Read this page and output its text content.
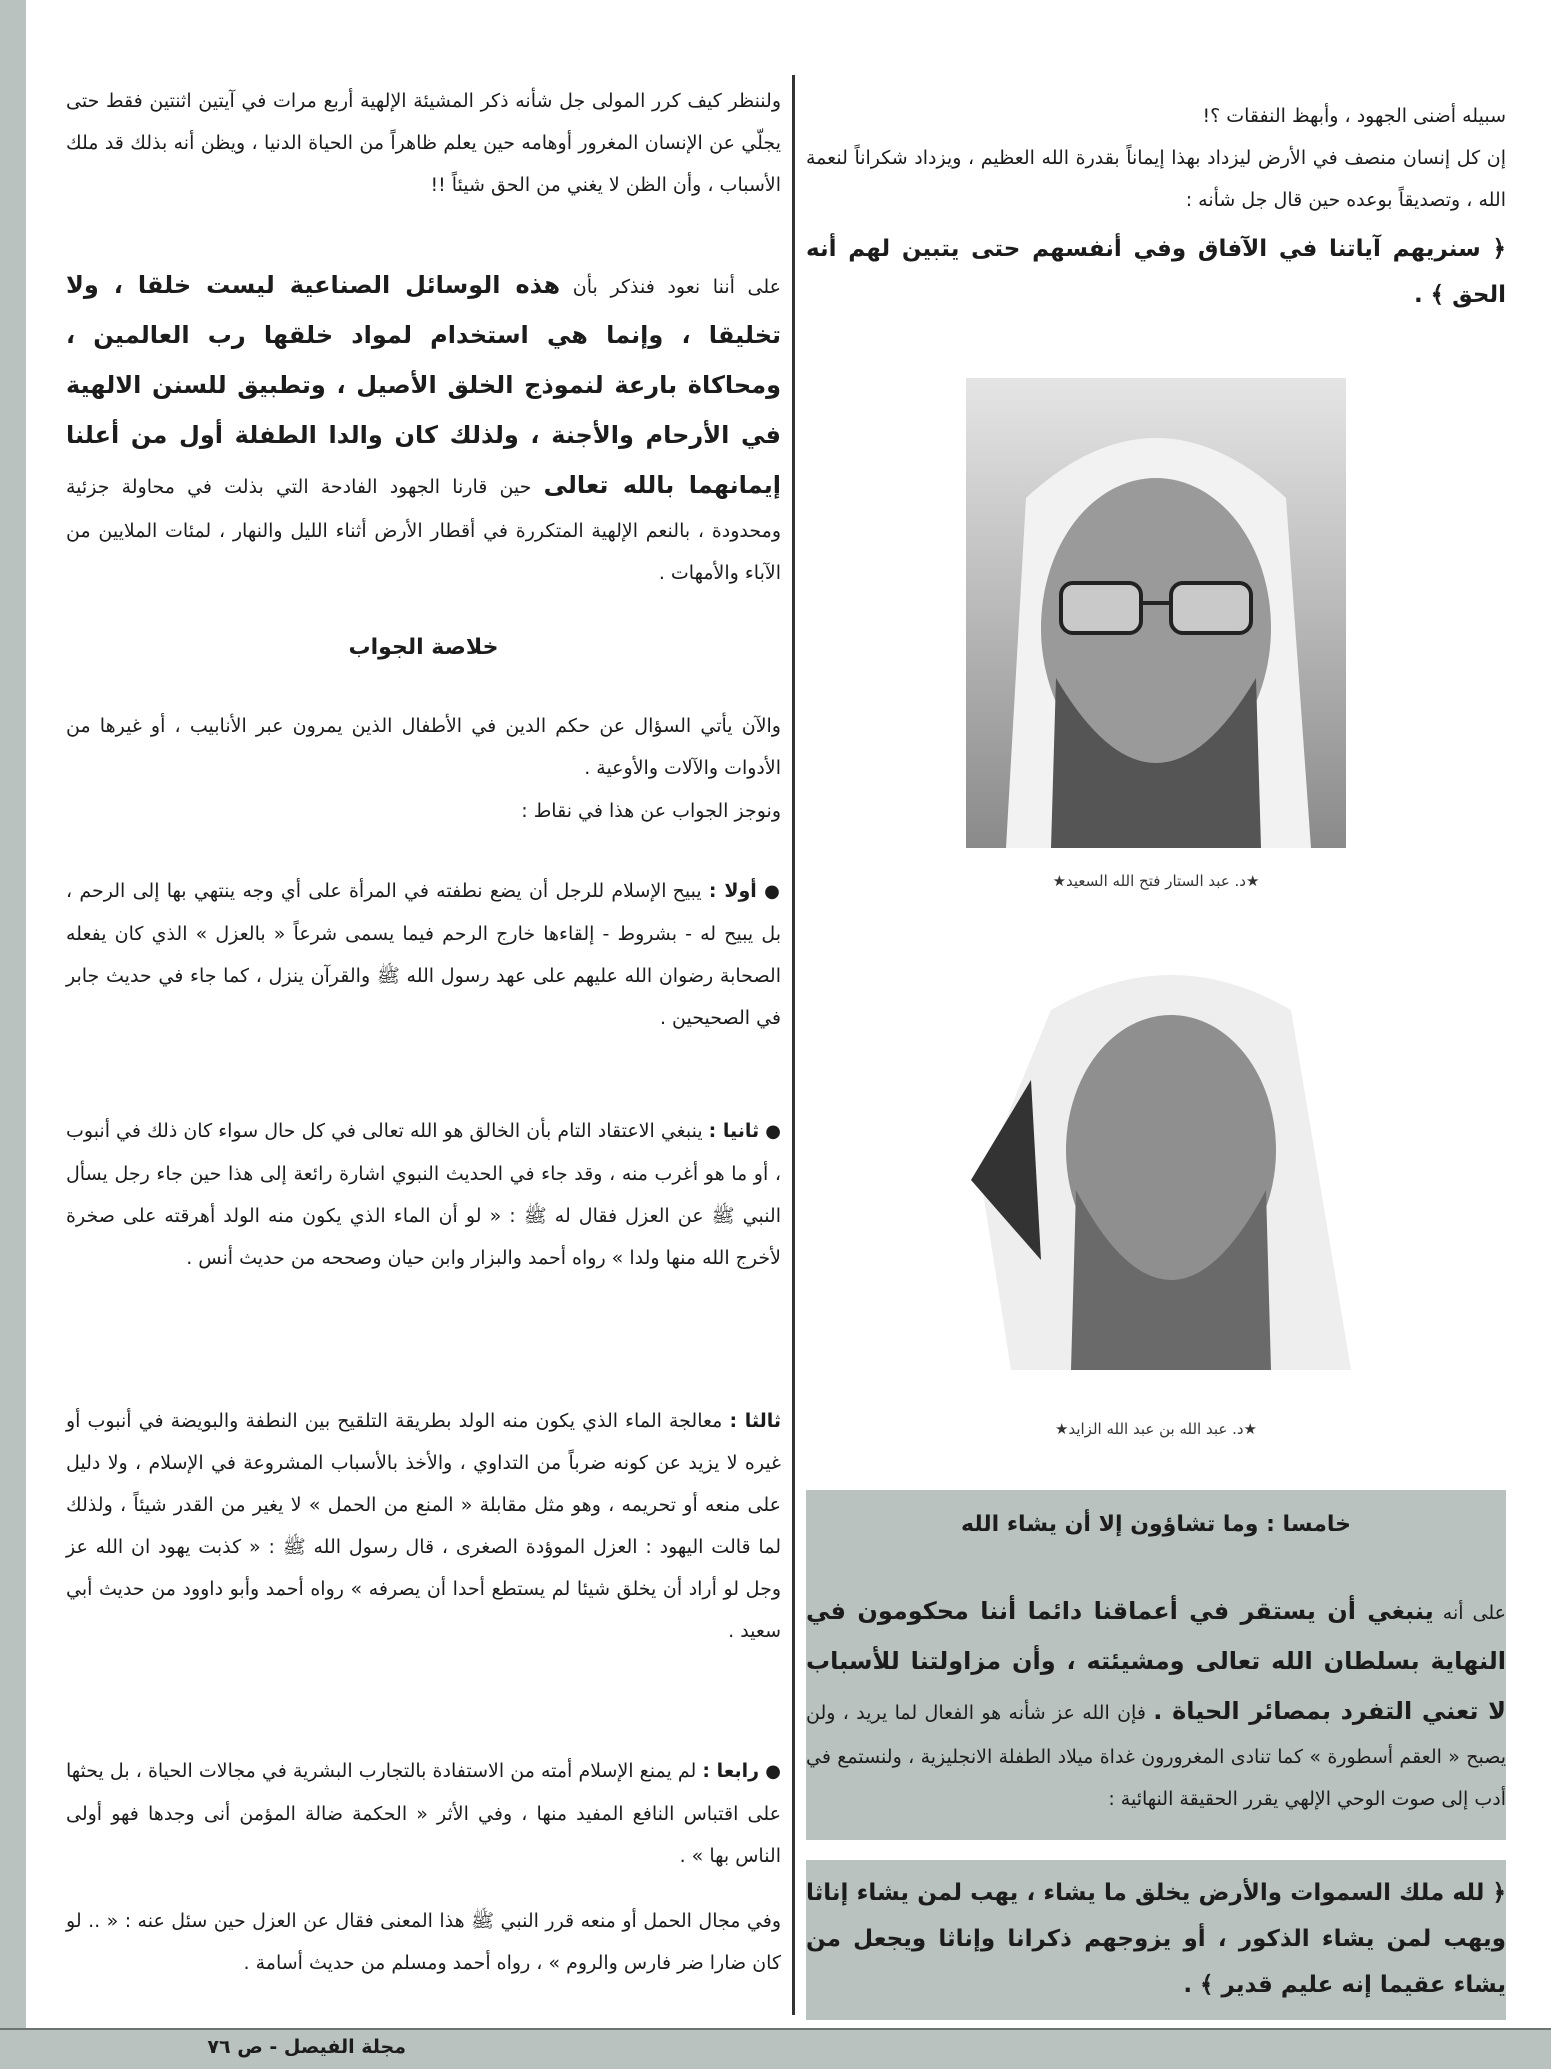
سبيله أضنى الجهود ، وأبهظ النفقات ؟!

إن كل إنسان منصف في الأرض ليزداد بهذا إيماناً بقدرة الله العظيم ، ويزداد شكراناً لنعمة الله ، وتصديقاً بوعده حين قال جل شأنه :

﴿ سنريهم آياتنا في الآفاق وفي أنفسهم حتى يتبين لهم أنه الحق ﴾ .

★د. عبد الستار فتح الله السعيد★

★د. عبد الله بن عبد الله الزايد★

خامسا : وما تشاؤون إلا أن يشاء الله

على أنه ينبغي أن يستقر في أعماقنا دائما أننا محكومون في النهاية بسلطان الله تعالى ومشيئته ، وأن مزاولتنا للأسباب لا تعني التفرد بمصائر الحياة . فإن الله عز شأنه هو الفعال لما يريد ، ولن يصبح « العقم أسطورة » كما تنادى المغرورون غداة ميلاد الطفلة الانجليزية ، ولنستمع في أدب إلى صوت الوحي الإلهي يقرر الحقيقة النهائية :

﴿ لله ملك السموات والأرض يخلق ما يشاء ، يهب لمن يشاء إناثا ويهب لمن يشاء الذكور ، أو يزوجهم ذكرانا وإناثا ويجعل من يشاء عقيما إنه عليم قدير ﴾ .

ولننظر كيف كرر المولى جل شأنه ذكر المشيئة الإلهية أربع مرات في آيتين اثنتين فقط حتى يجلّي عن الإنسان المغرور أوهامه حين يعلم ظاهراً من الحياة الدنيا ، ويظن أنه بذلك قد ملك الأسباب ، وأن الظن لا يغني من الحق شيئاً !!

على أننا نعود فنذكر بأن هذه الوسائل الصناعية ليست خلقا ، ولا تخليقا ، وإنما هي استخدام لمواد خلقها رب العالمين ، ومحاكاة بارعة لنموذج الخلق الأصيل ، وتطبيق للسنن الالهية في الأرحام والأجنة ، ولذلك كان والدا الطفلة أول من أعلنا إيمانهما بالله تعالى حين قارنا الجهود الفادحة التي بذلت في محاولة جزئية ومحدودة ، بالنعم الإلهية المتكررة في أقطار الأرض أثناء الليل والنهار ، لمئات الملايين من الآباء والأمهات .

خلاصة الجواب

والآن يأتي السؤال عن حكم الدين في الأطفال الذين يمرون عبر الأنابيب ، أو غيرها من الأدوات والآلات والأوعية .

ونوجز الجواب عن هذا في نقاط :

● أولا : يبيح الإسلام للرجل أن يضع نطفته في المرأة على أي وجه ينتهي بها إلى الرحم ، بل يبيح له - بشروط - إلقاءها خارج الرحم فيما يسمى شرعاً « بالعزل » الذي كان يفعله الصحابة رضوان الله عليهم على عهد رسول الله ﷺ والقرآن ينزل ، كما جاء في حديث جابر في الصحيحين .

● ثانيا : ينبغي الاعتقاد التام بأن الخالق هو الله تعالى في كل حال سواء كان ذلك في أنبوب ، أو ما هو أغرب منه ، وقد جاء في الحديث النبوي اشارة رائعة إلى هذا حين جاء رجل يسأل النبي ﷺ عن العزل فقال له ﷺ : « لو أن الماء الذي يكون منه الولد أهرقته على صخرة لأخرج الله منها ولدا » رواه أحمد والبزار وابن حيان وصححه من حديث أنس .

ثالثا : معالجة الماء الذي يكون منه الولد بطريقة التلقيح بين النطفة والبويضة في أنبوب أو غيره لا يزيد عن كونه ضرباً من التداوي ، والأخذ بالأسباب المشروعة في الإسلام ، ولا دليل على منعه أو تحريمه ، وهو مثل مقابلة « المنع من الحمل » لا يغير من القدر شيئاً ، ولذلك لما قالت اليهود : العزل الموؤدة الصغرى ، قال رسول الله ﷺ : « كذبت يهود ان الله عز وجل لو أراد أن يخلق شيئا لم يستطع أحدا أن يصرفه » رواه أحمد وأبو داوود من حديث أبي سعيد .

● رابعا : لم يمنع الإسلام أمته من الاستفادة بالتجارب البشرية في مجالات الحياة ، بل يحثها على اقتباس النافع المفيد منها ، وفي الأثر « الحكمة ضالة المؤمن أنى وجدها فهو أولى الناس بها » .

وفي مجال الحمل أو منعه قرر النبي ﷺ هذا المعنى فقال عن العزل حين سئل عنه : « .. لو كان ضارا ضر فارس والروم » ، رواه أحمد ومسلم من حديث أسامة .

مجلة الفيصل - ص ٧٦
